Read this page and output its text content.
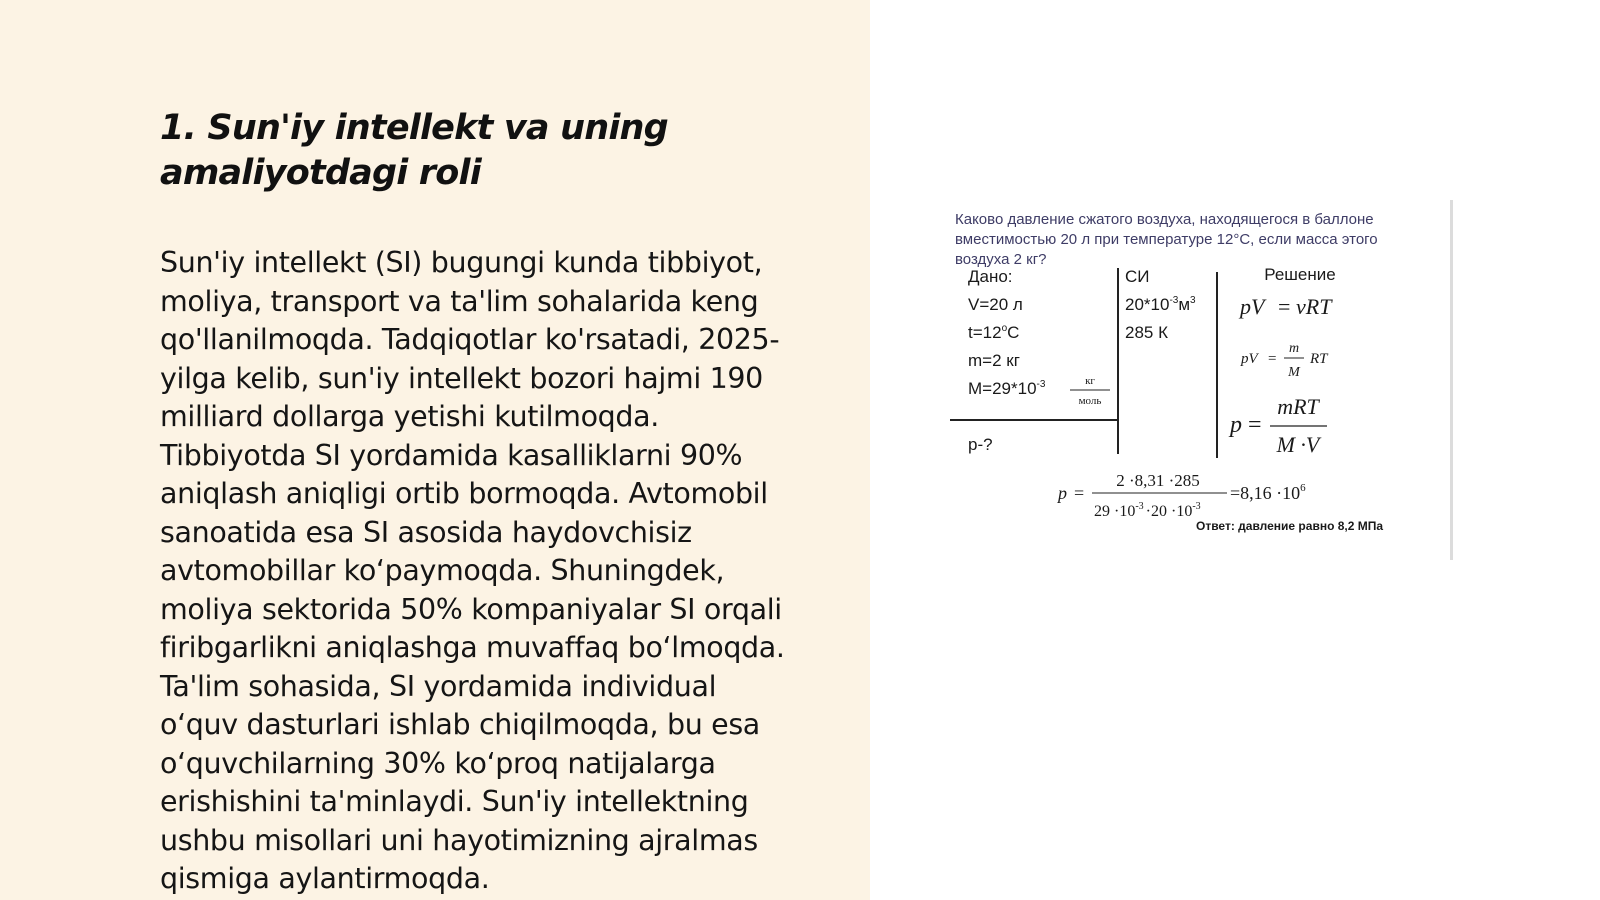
1. Sun'iy intellekt va uning
amaliyotdagi roli
Sun'iy intellekt (SI) bugungi kunda tibbiyot,
moliya, transport va ta'lim sohalarida keng
qo'llanilmoqda. Tadqiqotlar ko'rsatadi, 2025-
yilga kelib, sun'iy intellekt bozori hajmi 190
milliard dollarga yetishi kutilmoqda.
Tibbiyotda SI yordamida kasalliklarni 90%
aniqlash aniqligi ortib bormoqda. Avtomobil
sanoatida esa SI asosida haydovchisiz
avtomobillar ko‘paymoqda. Shuningdek,
moliya sektorida 50% kompaniyalar SI orqali
firibgarlikni aniqlashga muvaffaq bo‘lmoqda.
Ta'lim sohasida, SI yordamida individual
o‘quv dasturlari ishlab chiqilmoqda, bu esa
o‘quvchilarning 30% ko‘proq natijalarga
erishishini ta'minlaydi. Sun'iy intellektning
ushbu misollari uni hayotimizning ajralmas
qismiga aylantirmoqda.
Каково давление сжатого воздуха, находящегося в баллоне
вместимостью 20 л при температуре 12°С, если масса этого
воздуха 2 кг?
Дано:
V=20 л
$t=12^оС$
m=2 кг
$M=29*10^{-3}$	кг
моль
p-?
СИ
$20*10^{-3}м^3$
285 К
Решение
pV = νRT
pV =
m
M
RT
p =
mRT
M ·V
p =
2 ·8,31 ·285
$29 \cdot 10^{-3} \cdot 20 \cdot 10^{-3}$
$=8,16 \cdot 10^6$
Ответ: давление равно 8,2 МПа
